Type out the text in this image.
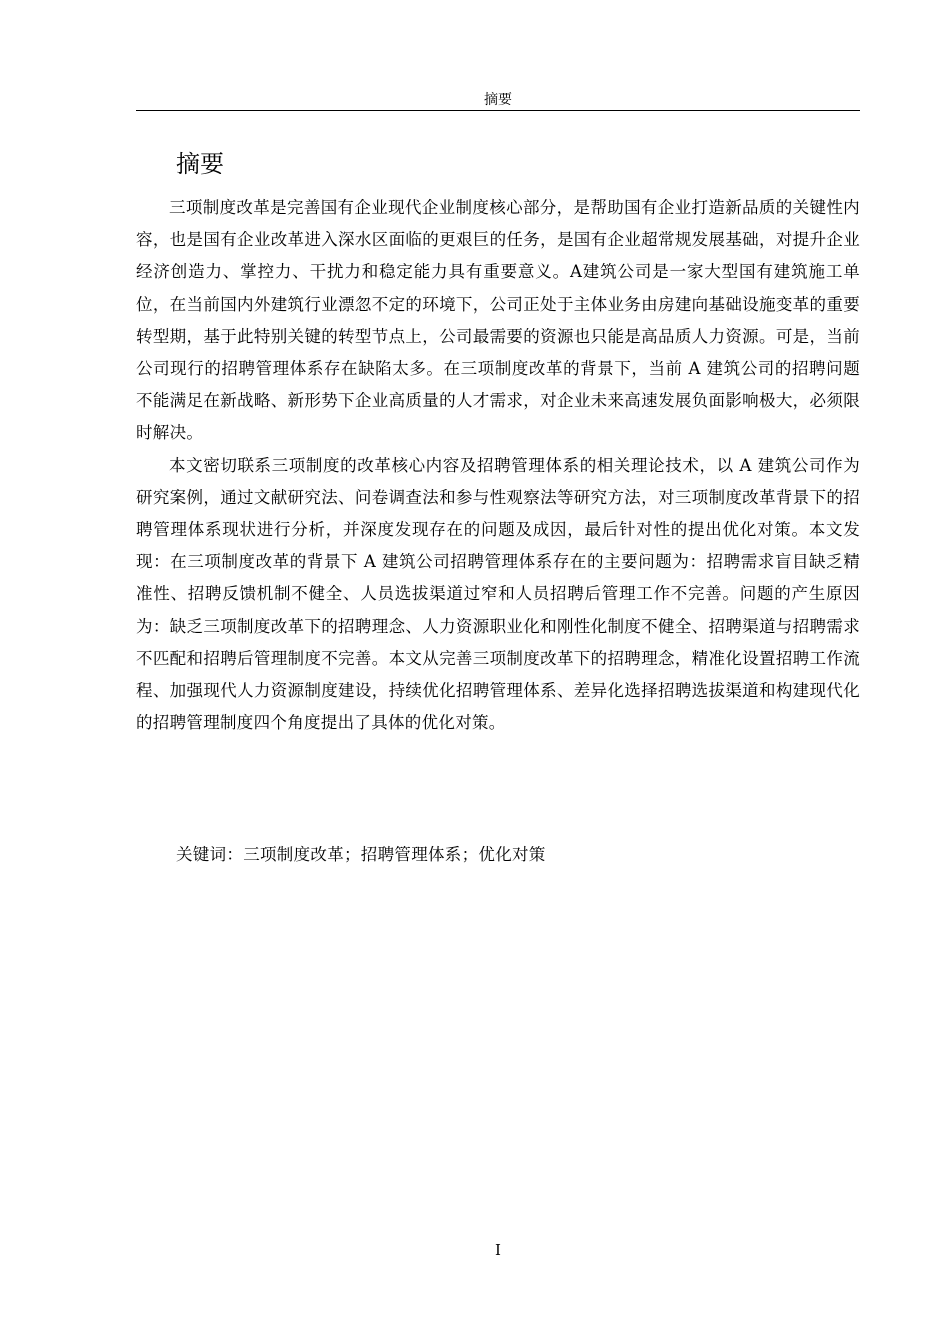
摘要
摘要

三项制度改革是完善国有企业现代企业制度核心部分，是帮助国有企业打造新品质的关键性内容，也是国有企业改革进入深水区面临的更艰巨的任务，是国有企业超常规发展基础，对提升企业经济创造力、掌控力、干扰力和稳定能力具有重要意义。A建筑公司是一家大型国有建筑施工单位，在当前国内外建筑行业漂忽不定的环境下，公司正处于主体业务由房建向基础设施变革的重要转型期，基于此特别关键的转型节点上，公司最需要的资源也只能是高品质人力资源。可是，当前公司现行的招聘管理体系存在缺陷太多。在三项制度改革的背景下，当前 A 建筑公司的招聘问题不能满足在新战略、新形势下企业高质量的人才需求，对企业未来高速发展负面影响极大，必须限时解决。

本文密切联系三项制度的改革核心内容及招聘管理体系的相关理论技术，以 A 建筑公司作为研究案例，通过文献研究法、问卷调查法和参与性观察法等研究方法，对三项制度改革背景下的招聘管理体系现状进行分析，并深度发现存在的问题及成因，最后针对性的提出优化对策。本文发现：在三项制度改革的背景下 A 建筑公司招聘管理体系存在的主要问题为：招聘需求盲目缺乏精准性、招聘反馈机制不健全、人员选拔渠道过窄和人员招聘后管理工作不完善。问题的产生原因为：缺乏三项制度改革下的招聘理念、人力资源职业化和刚性化制度不健全、招聘渠道与招聘需求不匹配和招聘后管理制度不完善。本文从完善三项制度改革下的招聘理念，精准化设置招聘工作流程、加强现代人力资源制度建设，持续优化招聘管理体系、差异化选择招聘选拔渠道和构建现代化的招聘管理制度四个角度提出了具体的优化对策。

关键词：三项制度改革；招聘管理体系；优化对策
I
